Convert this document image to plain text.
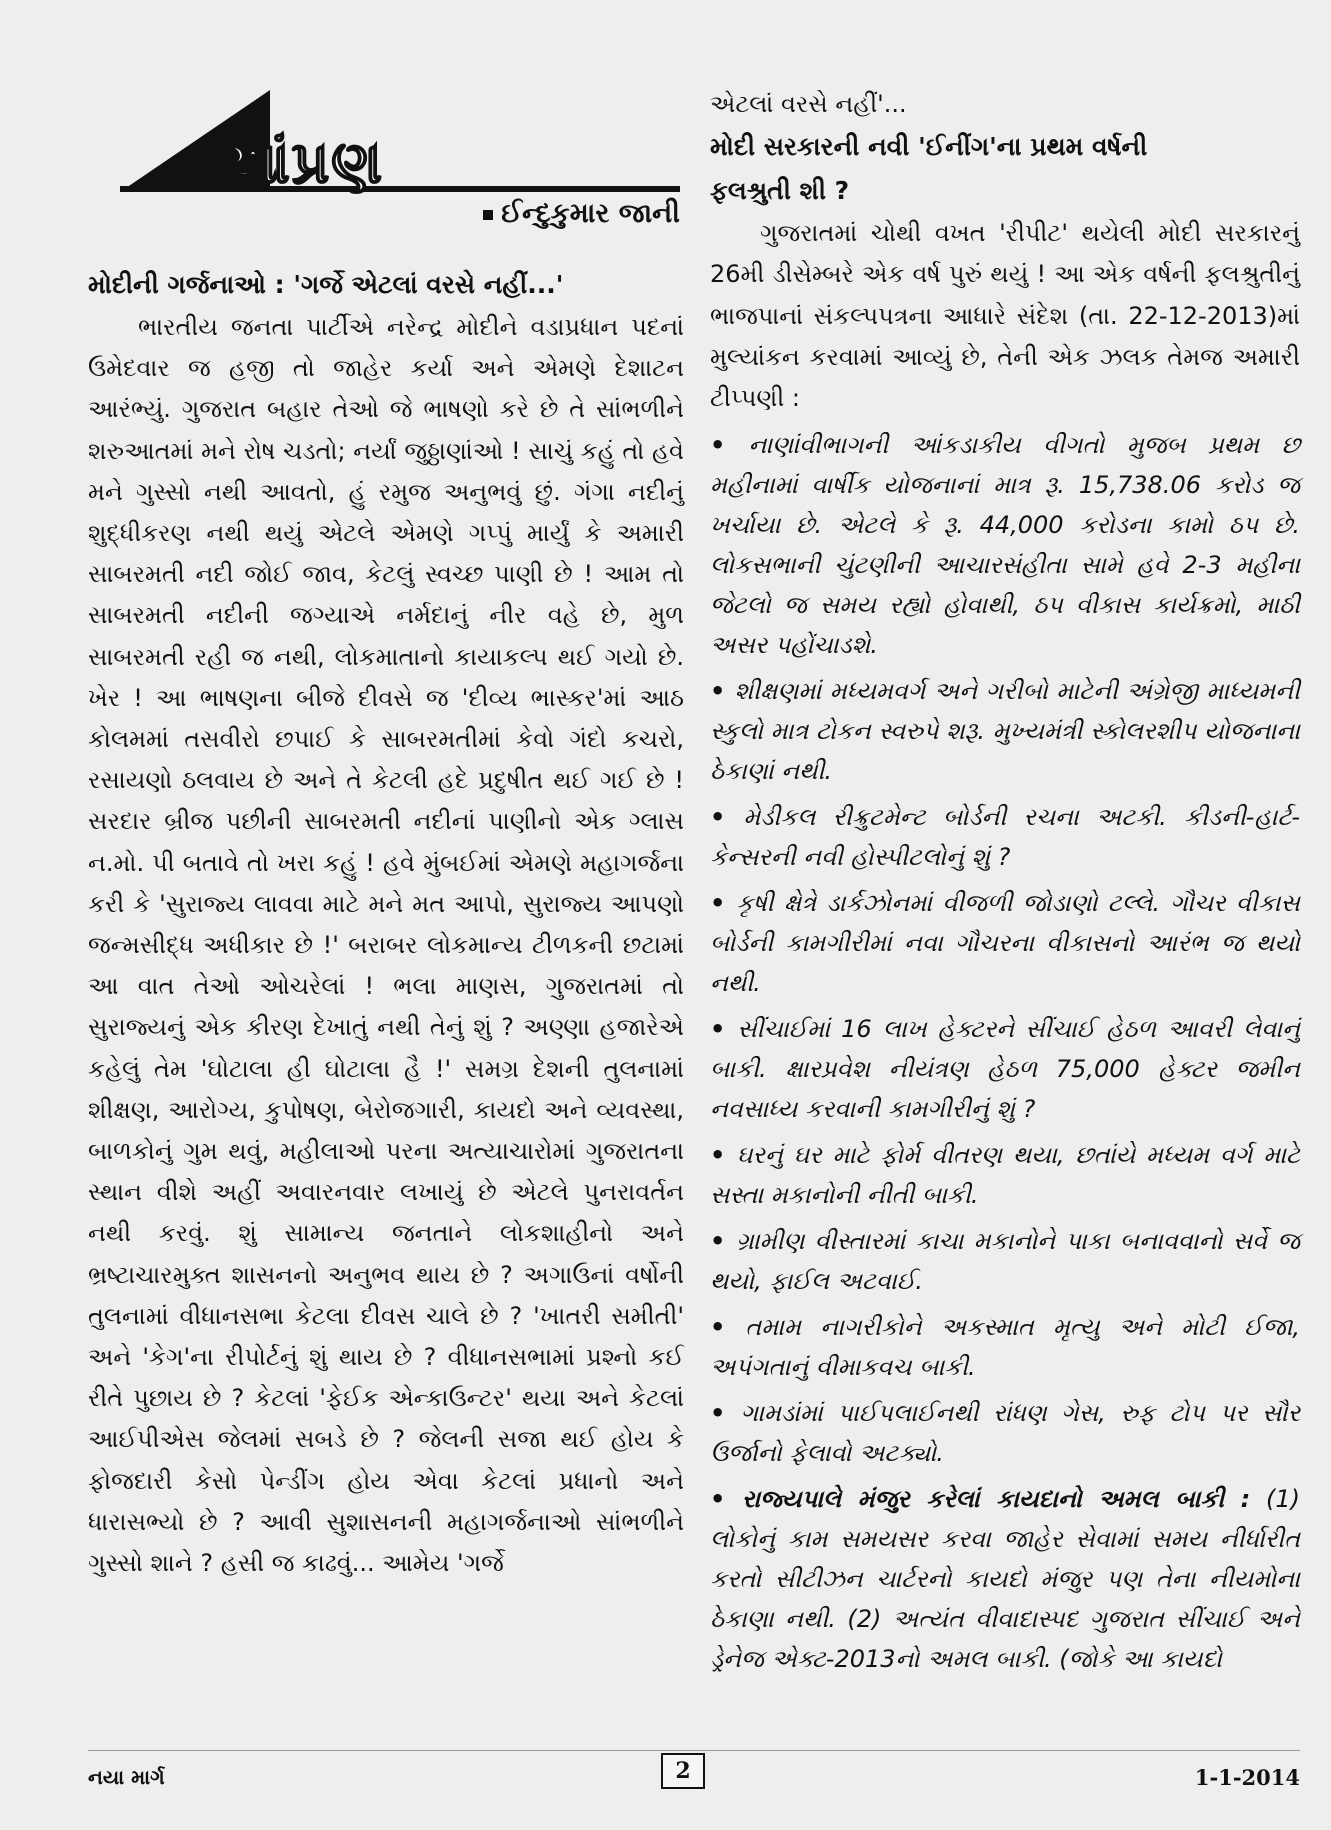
આંપ્રણ
ઈન્દુકુમાર જાની

મોદીની ગર્જનાઓ : 'ગર્જે એટલાં વરસે નહીં...'

ભારતીય જનતા પાર્ટીએ નરેન્દ્ર મોદીને વડાપ્રધાન પદનાં ઉમેદવાર જ હજી તો જાહેર કર્યા અને એમણે દેશાટન આરંભ્યું. ગુજરાત બહાર તેઓ જે ભાષણો કરે છે તે સાંભળીને શરુઆતમાં મને રોષ ચડતો; નર્યાં જુઠ્ઠાણાંઓ ! સાચું કહું તો હવે મને ગુસ્સો નથી આવતો, હું રમુજ અનુભવું છું. ગંગા નદીનું શુદ્ધીકરણ નથી થયું એટલે એમણે ગપ્પું માર્યું કે અમારી સાબરમતી નદી જોઈ જાવ, કેટલું સ્વચ્છ પાણી છે ! આમ તો સાબરમતી નદીની જગ્યાએ નર્મદાનું નીર વહે છે, મુળ સાબરમતી રહી જ નથી, લોકમાતાનો કાયાકલ્પ થઈ ગયો છે. ખેર ! આ ભાષણના બીજે દીવસે જ 'દીવ્ય ભાસ્કર'માં આઠ કોલમમાં તસવીરો છપાઈ કે સાબરમતીમાં કેવો ગંદો કચરો, રસાયણો ઠલવાય છે અને તે કેટલી હદે પ્રદુષીત થઈ ગઈ છે ! સરદાર બ્રીજ પછીની સાબરમતી નદીનાં પાણીનો એક ગ્લાસ ન.મો. પી બતાવે તો ખરા કહું ! હવે મુંબઈમાં એમણે મહાગર્જના કરી કે 'સુરાજ્ય લાવવા માટે મને મત આપો, સુરાજ્ય આપણો જન્મસીદ્ધ અધીકાર છે !' બરાબર લોકમાન્ય ટીળકની છટામાં આ વાત તેઓ ઓચરેલાં ! ભલા માણસ, ગુજરાતમાં તો સુરાજ્યનું એક કીરણ દેખાતું નથી તેનું શું ? અણ્ણા હજારેએ કહેલું તેમ 'ઘોટાલા હી ઘોટાલા હૈ !' સમગ્ર દેશની તુલનામાં શીક્ષણ, આરોગ્ય, કુપોષણ, બેરોજગારી, કાયદો અને વ્યવસ્થા, બાળકોનું ગુમ થવું, મહીલાઓ પરના અત્યાચારોમાં ગુજરાતના સ્થાન વીશે અહીં અવારનવાર લખાયું છે એટલે પુનરાવર્તન નથી કરવું. શું સામાન્ય જનતાને લોકશાહીનો અને ભ્રષ્ટાચારમુક્ત શાસનનો અનુભવ થાય છે ? અગાઉનાં વર્ષોની તુલનામાં વીધાનસભા કેટલા દીવસ ચાલે છે ? 'ખાતરી સમીતી' અને 'કેગ'ના રીપોર્ટનું શું થાય છે ? વીધાનસભામાં પ્રશ્નો કઈ રીતે પુછાય છે ? કેટલાં 'ફેઈક એન્કાઉન્ટર' થયા અને કેટલાં આઈપીએસ જેલમાં સબડે છે ? જેલની સજા થઈ હોય કે ફોજદારી કેસો પેન્ડીંગ હોય એવા કેટલાં પ્રધાનો અને ધારાસભ્યો છે ? આવી સુશાસનની મહાગર્જનાઓ સાંભળીને ગુસ્સો શાને ? હસી જ કાઢવું... આમેય 'ગર્જે

એટલાં વરસે નહીં'...

મોદી સરકારની નવી 'ઈનીંગ'ના પ્રથમ વર્ષની

ફલશ્રુતી શી ?

ગુજરાતમાં ચોથી વખત 'રીપીટ' થયેલી મોદી સરકારનું 26મી ડીસેમ્બરે એક વર્ષ પુરું થયું ! આ એક વર્ષની ફલશ્રુતીનું ભાજપાનાં સંકલ્પપત્રના આધારે સંદેશ (તા. 22-12-2013)માં મુલ્યાંકન કરવામાં આવ્યું છે, તેની એક ઝલક તેમજ અમારી ટીપ્પણી :

• નાણાંવીભાગની આંકડાકીય વીગતો મુજબ પ્રથમ છ મહીનામાં વાર્ષીક યોજનાનાં માત્ર રૂ. 15,738.06 કરોડ જ ખર્ચાયા છે. એટલે કે રૂ. 44,000 કરોડના કામો ઠપ છે. લોકસભાની ચુંટણીની આચારસંહીતા સામે હવે 2-3 મહીના જેટલો જ સમય રહ્યો હોવાથી, ઠપ વીકાસ કાર્યક્રમો, માઠી અસર પહોંચાડશે.
• શીક્ષણમાં મધ્યમવર્ગ અને ગરીબો માટેની અંગ્રેજી માધ્યમની સ્કુલો માત્ર ટોકન સ્વરુપે શરૂ. મુખ્યમંત્રી સ્કોલરશીપ યોજનાના ઠેકાણાં નથી.
• મેડીકલ રીક્રુટમેન્ટ બોર્ડની રચના અટકી. કીડની-હાર્ટ-કેન્સરની નવી હોસ્પીટલોનું શું ?
• કૃષી ક્ષેત્રે ડાર્કઝોનમાં વીજળી જોડાણો ટલ્લે. ગૌચર વીકાસ બોર્ડની કામગીરીમાં નવા ગૌચરના વીકાસનો આરંભ જ થયો નથી.
• સીંચાઈમાં 16 લાખ હેક્ટરને સીંચાઈ હેઠળ આવરી લેવાનું બાકી. ક્ષારપ્રવેશ નીયંત્રણ હેઠળ 75,000 હેક્ટર જમીન નવસાધ્ય કરવાની કામગીરીનું શું ?
• ઘરનું ઘર માટે ફોર્મ વીતરણ થયા, છતાંયે મધ્યમ વર્ગ માટે સસ્તા મકાનોની નીતી બાકી.
• ગ્રામીણ વીસ્તારમાં કાચા મકાનોને પાકા બનાવવાનો સર્વે જ થયો, ફાઈલ અટવાઈ.
• તમામ નાગરીકોને અકસ્માત મૃત્યુ અને મોટી ઈજા, અપંગતાનું વીમાકવચ બાકી.
• ગામડાંમાં પાઈપલાઈનથી રાંધણ ગેસ, રુફ ટોપ પર સૌર ઉર્જાનો ફેલાવો અટક્યો.
• રાજ્યપાલે મંજુર કરેલાં કાયદાનો અમલ બાકી : (1) લોકોનું કામ સમયસર કરવા જાહેર સેવામાં સમય નીર્ધારીત કરતો સીટીઝન ચાર્ટરનો કાયદો મંજુર પણ તેના નીયમોના ઠેકાણા નથી. (2) અત્યંત વીવાદાસ્પદ ગુજરાત સીંચાઈ અને ડ્રેનેજ એક્ટ-2013નો અમલ બાકી. (જોકે આ કાયદો
નયા માર્ગ	2	1-1-2014
